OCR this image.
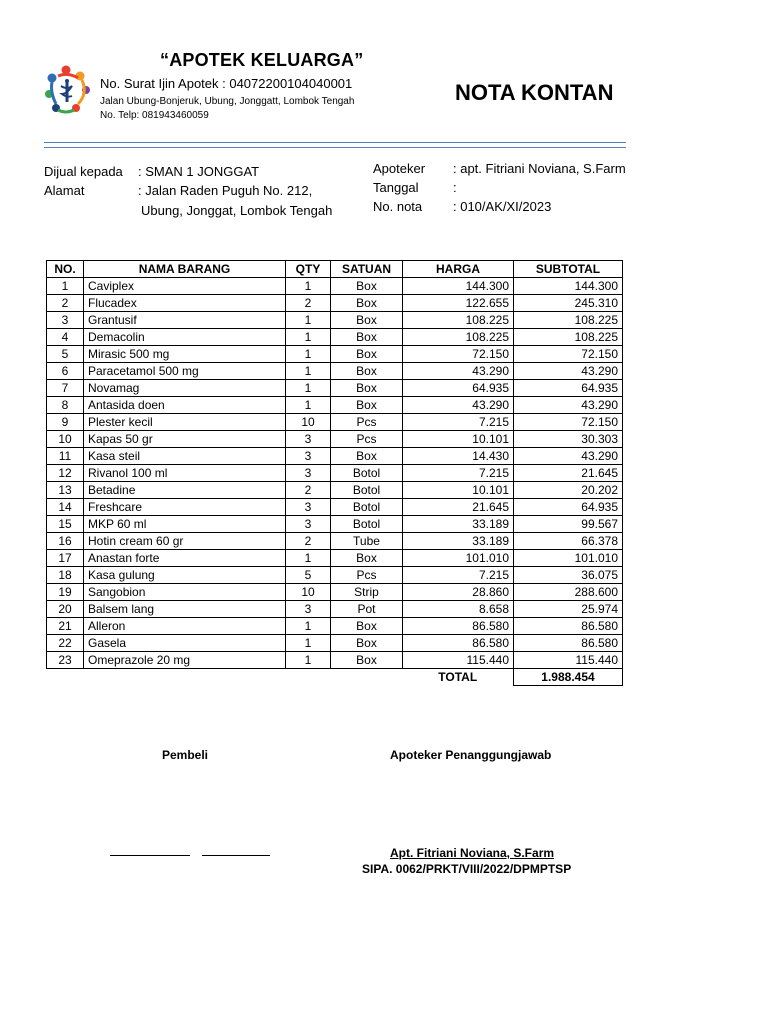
“APOTEK KELUARGA”
No. Surat Ijin Apotek : 04072200104040001
Jalan Ubung-Bonjeruk, Ubung, Jonggatt, Lombok Tengah
No. Telp: 081943460059
NOTA KONTAN
Dijual kepada : SMAN 1 JONGGAT
Alamat	: Jalan Raden Puguh No. 212,
Ubung, Jonggat, Lombok Tengah
Apoteker : apt. Fitriani Noviana, S.Farm
Tanggal	:
No. nota : 010/AK/XI/2023
NO.	NAMA BARANG	QTY	SATUAN	HARGA	SUBTOTAL
1	Caviplex	1	Box	144.300	144.300
2	Flucadex	2	Box	122.655	245.310
3	Grantusif	1	Box	108.225	108.225
4	Demacolin	1	Box	108.225	108.225
5	Mirasic 500 mg	1	Box	72.150	72.150
6	Paracetamol 500 mg	1	Box	43.290	43.290
7	Novamag	1	Box	64.935	64.935
8	Antasida doen	1	Box	43.290	43.290
9	Plester kecil	10	Pcs	7.215	72.150
10	Kapas 50 gr	3	Pcs	10.101	30.303
11	Kasa steil	3	Box	14.430	43.290
12	Rivanol 100 ml	3	Botol	7.215	21.645
13	Betadine	2	Botol	10.101	20.202
14	Freshcare	3	Botol	21.645	64.935
15	MKP 60 ml	3	Botol	33.189	99.567
16	Hotin cream 60 gr	2	Tube	33.189	66.378
17	Anastan forte	1	Box	101.010	101.010
18	Kasa gulung	5	Pcs	7.215	36.075
19	Sangobion	10	Strip	28.860	288.600
20	Balsem lang	3	Pot	8.658	25.974
21	Alleron	1	Box	86.580	86.580
22	Gasela	1	Box	86.580	86.580
23	Omeprazole 20 mg	1	Box	115.440	115.440
				TOTAL	1.988.454
Pembeli	Apoteker Penanggungjawab
Apt. Fitriani Noviana, S.Farm
SIPA. 0062/PRKT/VIII/2022/DPMPTSP
